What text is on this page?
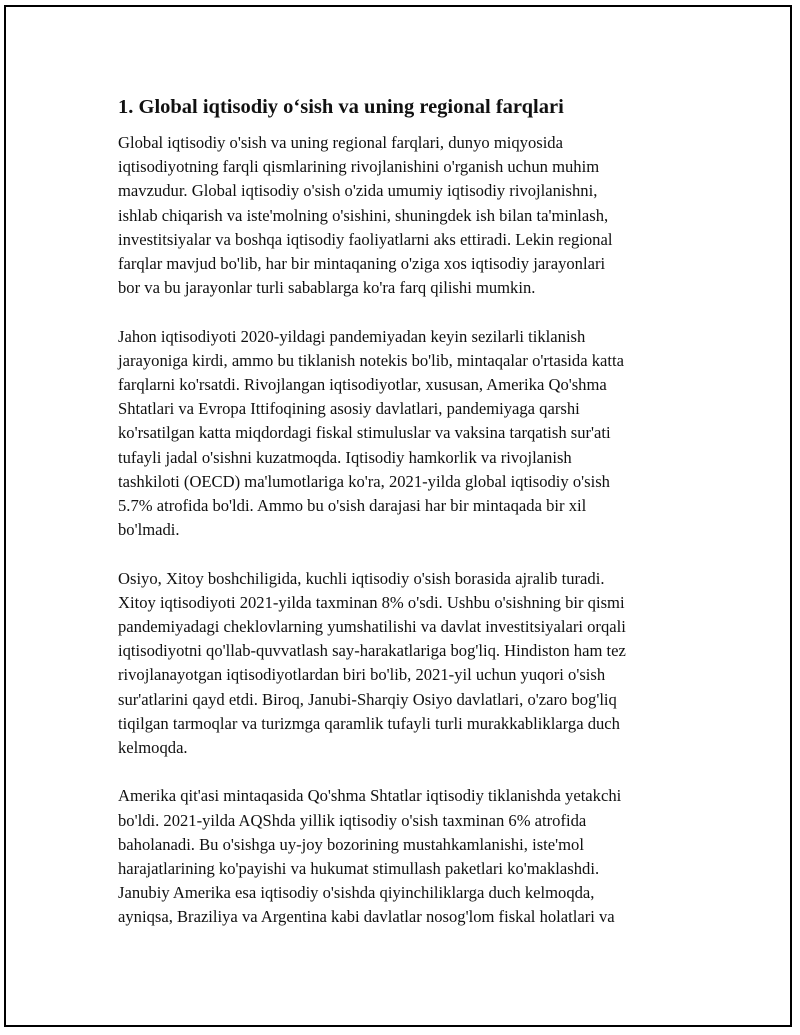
1. Global iqtisodiy o‘sish va uning regional farqlari

Global iqtisodiy o'sish va uning regional farqlari, dunyo miqyosida
iqtisodiyotning farqli qismlarining rivojlanishini o'rganish uchun muhim
mavzudur. Global iqtisodiy o'sish o'zida umumiy iqtisodiy rivojlanishni,
ishlab chiqarish va iste'molning o'sishini, shuningdek ish bilan ta'minlash,
investitsiyalar va boshqa iqtisodiy faoliyatlarni aks ettiradi. Lekin regional
farqlar mavjud bo'lib, har bir mintaqaning o'ziga xos iqtisodiy jarayonlari
bor va bu jarayonlar turli sabablarga ko'ra farq qilishi mumkin.

Jahon iqtisodiyoti 2020-yildagi pandemiyadan keyin sezilarli tiklanish
jarayoniga kirdi, ammo bu tiklanish notekis bo'lib, mintaqalar o'rtasida katta
farqlarni ko'rsatdi. Rivojlangan iqtisodiyotlar, xususan, Amerika Qo'shma
Shtatlari va Evropa Ittifoqining asosiy davlatlari, pandemiyaga qarshi
ko'rsatilgan katta miqdordagi fiskal stimuluslar va vaksina tarqatish sur'ati
tufayli jadal o'sishni kuzatmoqda. Iqtisodiy hamkorlik va rivojlanish
tashkiloti (OECD) ma'lumotlariga ko'ra, 2021-yilda global iqtisodiy o'sish
5.7% atrofida bo'ldi. Ammo bu o'sish darajasi har bir mintaqada bir xil
bo'lmadi.

Osiyo, Xitoy boshchiligida, kuchli iqtisodiy o'sish borasida ajralib turadi.
Xitoy iqtisodiyoti 2021-yilda taxminan 8% o'sdi. Ushbu o'sishning bir qismi
pandemiyadagi cheklovlarning yumshatilishi va davlat investitsiyalari orqali
iqtisodiyotni qo'llab-quvvatlash say-harakatlariga bog'liq. Hindiston ham tez
rivojlanayotgan iqtisodiyotlardan biri bo'lib, 2021-yil uchun yuqori o'sish
sur'atlarini qayd etdi. Biroq, Janubi-Sharqiy Osiyo davlatlari, o'zaro bog'liq
tiqilgan tarmoqlar va turizmga qaramlik tufayli turli murakkabliklarga duch
kelmoqda.

Amerika qit'asi mintaqasida Qo'shma Shtatlar iqtisodiy tiklanishda yetakchi
bo'ldi. 2021-yilda AQShda yillik iqtisodiy o'sish taxminan 6% atrofida
baholanadi. Bu o'sishga uy-joy bozorining mustahkamlanishi, iste'mol
harajatlarining ko'payishi va hukumat stimullash paketlari ko'maklashdi.
Janubiy Amerika esa iqtisodiy o'sishda qiyinchiliklarga duch kelmoqda,
ayniqsa, Braziliya va Argentina kabi davlatlar nosog'lom fiskal holatlari va
